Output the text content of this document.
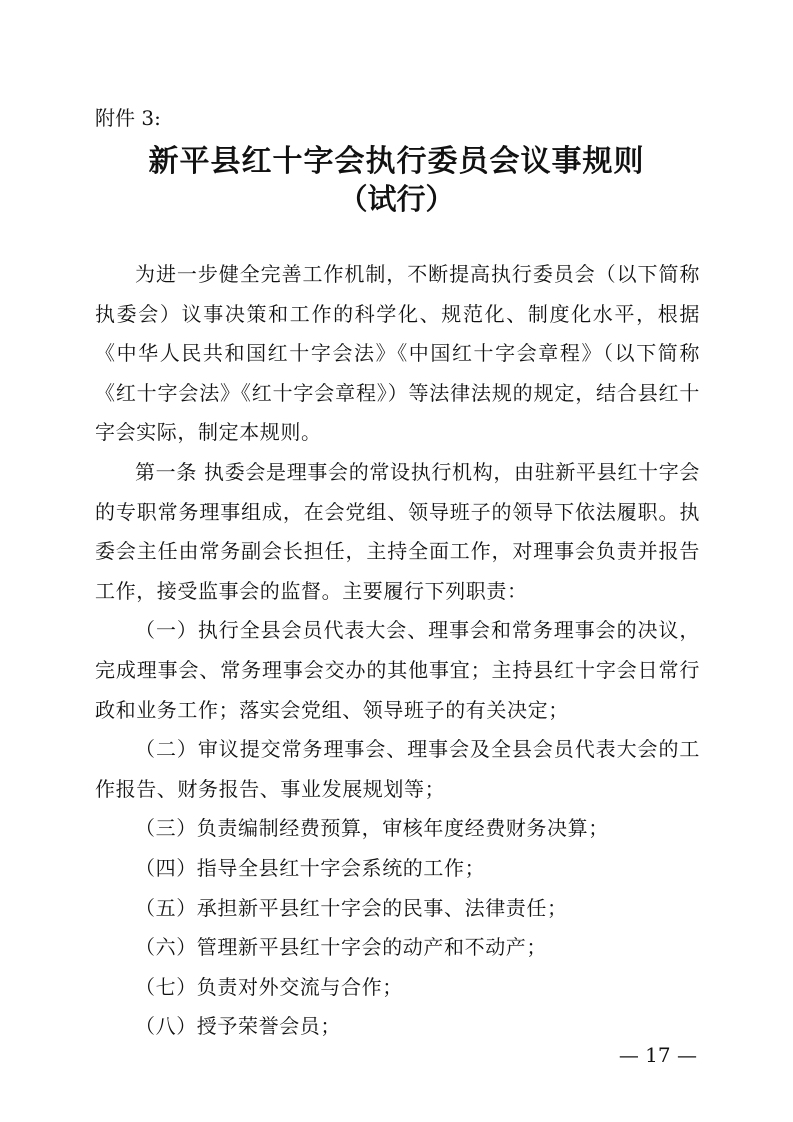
附件 3:
新平县红十字会执行委员会议事规则
（试行）

为进一步健全完善工作机制，不断提高执行委员会（以下简称执委会）议事决策和工作的科学化、规范化、制度化水平，根据《中华人民共和国红十字会法》《中国红十字会章程》（以下简称《红十字会法》《红十字会章程》）等法律法规的规定，结合县红十字会实际，制定本规则。

第一条 执委会是理事会的常设执行机构，由驻新平县红十字会的专职常务理事组成，在会党组、领导班子的领导下依法履职。执委会主任由常务副会长担任，主持全面工作，对理事会负责并报告工作，接受监事会的监督。主要履行下列职责：

（一）执行全县会员代表大会、理事会和常务理事会的决议，完成理事会、常务理事会交办的其他事宜；主持县红十字会日常行政和业务工作；落实会党组、领导班子的有关决定；

（二）审议提交常务理事会、理事会及全县会员代表大会的工作报告、财务报告、事业发展规划等；

（三）负责编制经费预算，审核年度经费财务决算；

（四）指导全县红十字会系统的工作；

（五）承担新平县红十字会的民事、法律责任；

（六）管理新平县红十字会的动产和不动产；

（七）负责对外交流与合作；

（八）授予荣誉会员；

— 17 —
